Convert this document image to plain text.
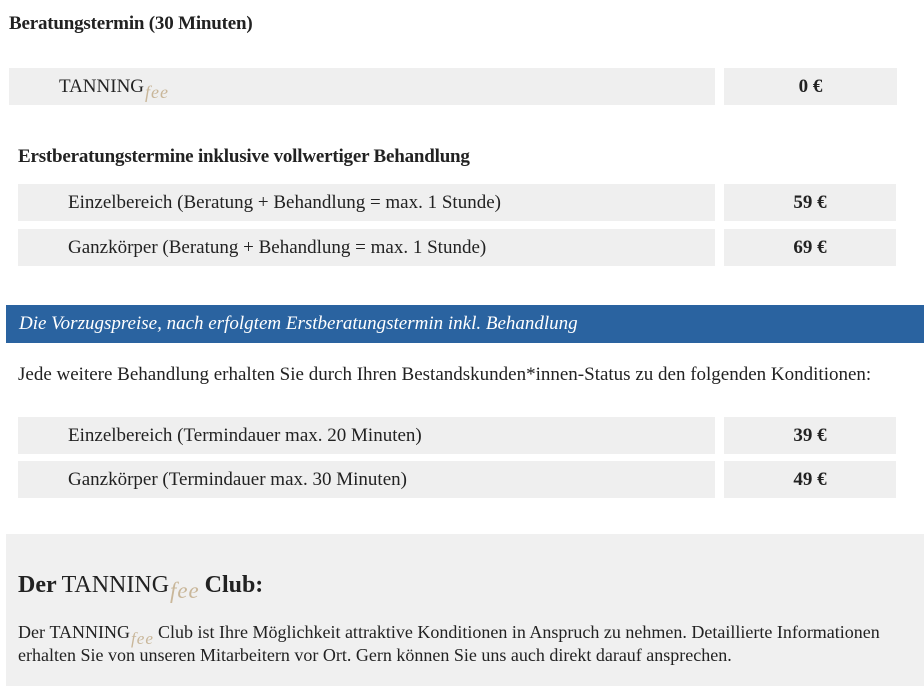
Beratungstermin (30 Minuten)
TANNING fee	0 €
Erstberatungstermine inklusive vollwertiger Behandlung
Einzelbereich (Beratung + Behandlung = max. 1 Stunde)	59 €
Ganzkörper (Beratung + Behandlung = max. 1 Stunde)	69 €
Die Vorzugspreise, nach erfolgtem Erstberatungstermin inkl. Behandlung
Jede weitere Behandlung erhalten Sie durch Ihren Bestandskunden*innen-Status zu den folgenden Konditionen:
Einzelbereich (Termindauer max. 20 Minuten)	39 €
Ganzkörper (Termindauer max. 30 Minuten)	49 €
Der TANNING fee Club:
Der TANNING fee Club ist Ihre Möglichkeit attraktive Konditionen in Anspruch zu nehmen. Detaillierte Informationen erhalten Sie von unseren Mitarbeitern vor Ort. Gern können Sie uns auch direkt darauf ansprechen.
